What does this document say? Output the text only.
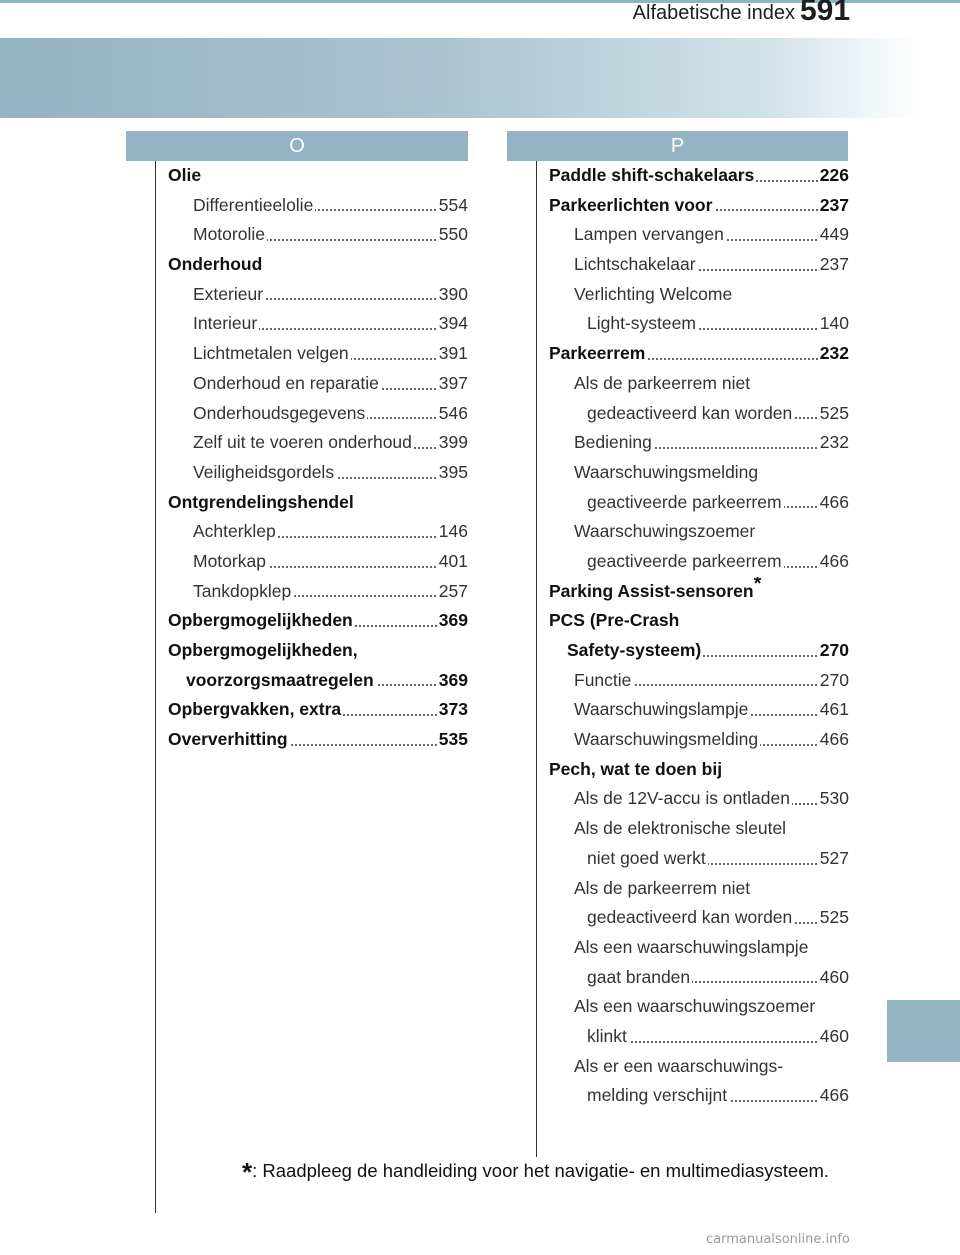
Alfabetische index 591
O	P
Olie
Differentieelolie	554
Motorolie	550
Onderhoud
Exterieur	390
Interieur	394
Lichtmetalen velgen	391
Onderhoud en reparatie	397
Onderhoudsgegevens	546
Zelf uit te voeren onderhoud 399
Veiligheidsgordels	395
Ontgrendelingshendel
Achterklep	146
Motorkap	401
Tankdopklep	257
Opbergmogelijkheden	369
Opbergmogelijkheden,
voorzorgsmaatregelen	369
Opbergvakken, extra	373
Oververhitting	535
Paddle shift-schakelaars	226
Parkeerlichten voor	237
Lampen vervangen	449
Lichtschakelaar	237
Verlichting Welcome
Light-systeem	140
Parkeerrem	232
Als de parkeerrem niet
gedeactiveerd kan worden 525
Bediening	232
Waarschuwingsmelding
geactiveerde parkeerrem 466
Waarschuwingszoemer
geactiveerde parkeerrem 466
Parking Assist-sensoren*
PCS (Pre-Crash
Safety-systeem)	270
Functie	270
Waarschuwingslampje	461
Waarschuwingsmelding	466
Pech, wat te doen bij
Als de 12V-accu is ontladen 530
Als de elektronische sleutel
niet goed werkt	527
Als de parkeerrem niet
gedeactiveerd kan worden 525
Als een waarschuwingslampje
gaat branden	460
Als een waarschuwingszoemer
klinkt	460
Als er een waarschuwings-
melding verschijnt	466
*: Raadpleeg de handleiding voor het navigatie- en multimediasysteem.
carmanualsonline.info
